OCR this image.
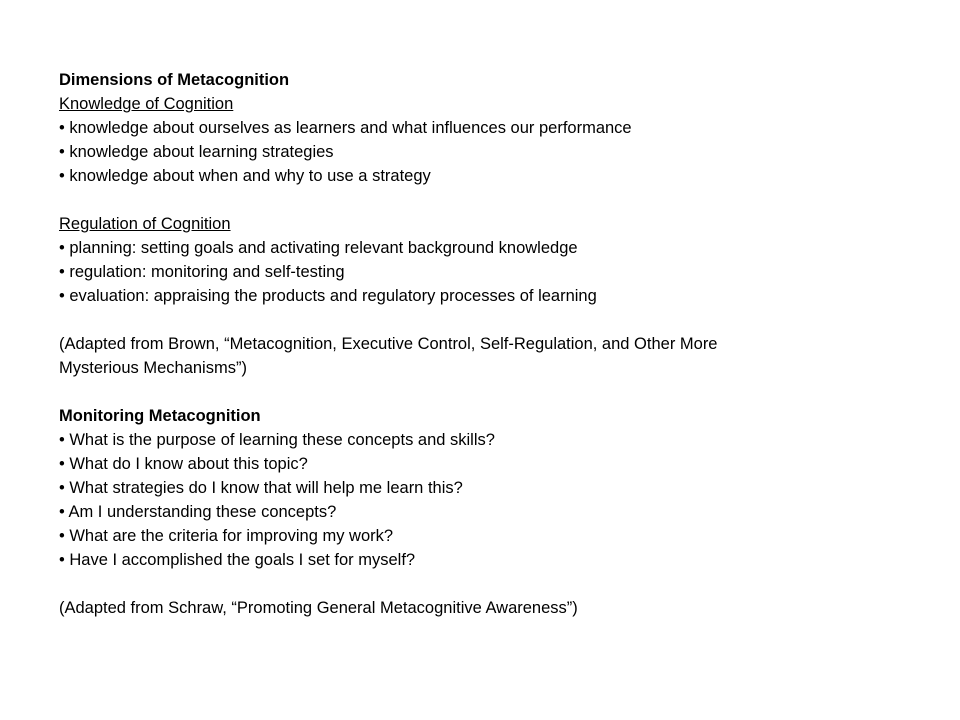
Dimensions of Metacognition
Knowledge of Cognition
• knowledge about ourselves as learners and what influences our performance
• knowledge about learning strategies
• knowledge about when and why to use a strategy
Regulation of Cognition
• planning: setting goals and activating relevant background knowledge
• regulation: monitoring and self-testing
• evaluation: appraising the products and regulatory processes of learning
(Adapted from Brown, “Metacognition, Executive Control, Self-Regulation, and Other More
Mysterious Mechanisms”)
Monitoring Metacognition
• What is the purpose of learning these concepts and skills?
• What do I know about this topic?
• What strategies do I know that will help me learn this?
• Am I understanding these concepts?
• What are the criteria for improving my work?
• Have I accomplished the goals I set for myself?
(Adapted from Schraw, “Promoting General Metacognitive Awareness”)
